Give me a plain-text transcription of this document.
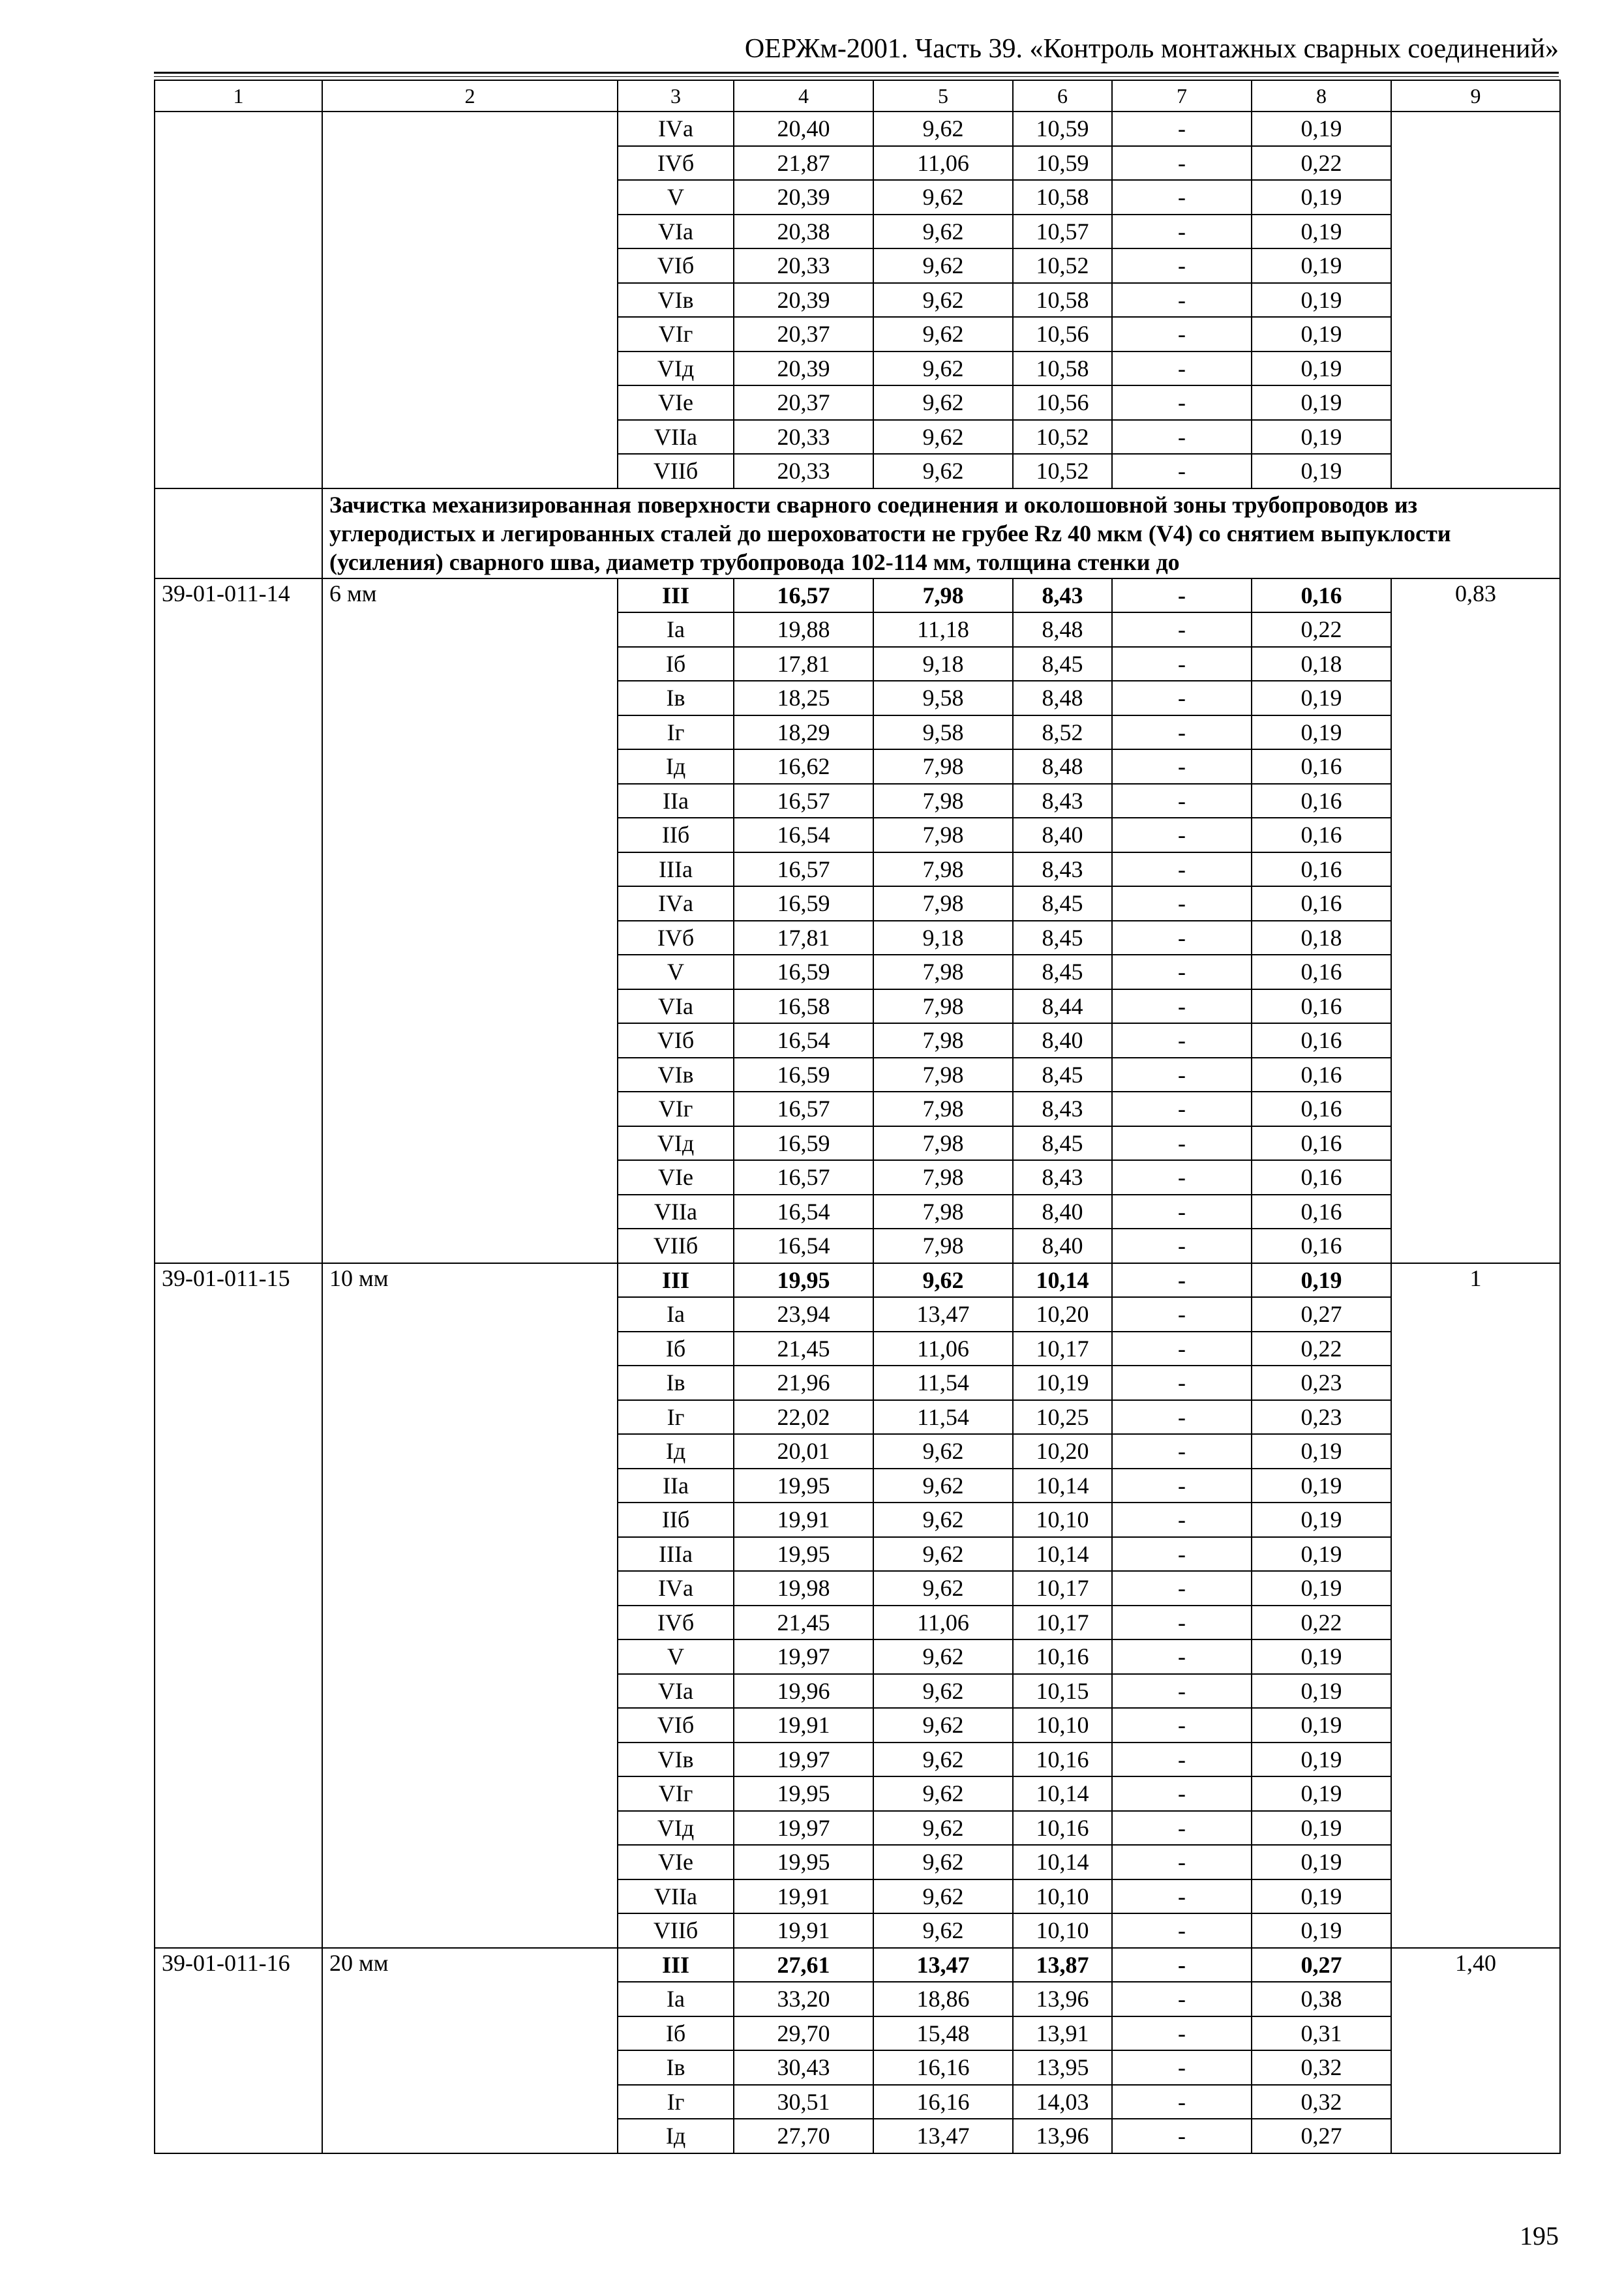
ОЕРЖм-2001. Часть 39. «Контроль монтажных сварных соединений»
1	2	3	4	5	6	7	8	9
		IVа	20,40	9,62	10,59	-	0,19	
		IVб	21,87	11,06	10,59	-	0,22	
		V	20,39	9,62	10,58	-	0,19	
		VIа	20,38	9,62	10,57	-	0,19	
		VIб	20,33	9,62	10,52	-	0,19	
		VIв	20,39	9,62	10,58	-	0,19	
		VIг	20,37	9,62	10,56	-	0,19	
		VIд	20,39	9,62	10,58	-	0,19	
		VIе	20,37	9,62	10,56	-	0,19	
		VIIа	20,33	9,62	10,52	-	0,19	
		VIIб	20,33	9,62	10,52	-	0,19	
	Зачистка механизированная поверхности сварного соединения и околошовной зоны трубопроводов из углеродистых и легированных сталей до шероховатости не грубее Rz 40 мкм (V4) со снятием выпуклости (усиления) сварного шва, диаметр трубопровода 102-114 мм, толщина стенки до							
39-01-011-14	6 мм	III	16,57	7,98	8,43	-	0,16	0,83
		Iа	19,88	11,18	8,48	-	0,22	
		Iб	17,81	9,18	8,45	-	0,18	
		Iв	18,25	9,58	8,48	-	0,19	
		Iг	18,29	9,58	8,52	-	0,19	
		Iд	16,62	7,98	8,48	-	0,16	
		IIа	16,57	7,98	8,43	-	0,16	
		IIб	16,54	7,98	8,40	-	0,16	
		IIIа	16,57	7,98	8,43	-	0,16	
		IVа	16,59	7,98	8,45	-	0,16	
		IVб	17,81	9,18	8,45	-	0,18	
		V	16,59	7,98	8,45	-	0,16	
		VIа	16,58	7,98	8,44	-	0,16	
		VIб	16,54	7,98	8,40	-	0,16	
		VIв	16,59	7,98	8,45	-	0,16	
		VIг	16,57	7,98	8,43	-	0,16	
		VIд	16,59	7,98	8,45	-	0,16	
		VIе	16,57	7,98	8,43	-	0,16	
		VIIа	16,54	7,98	8,40	-	0,16	
		VIIб	16,54	7,98	8,40	-	0,16	
39-01-011-15	10 мм	III	19,95	9,62	10,14	-	0,19	1
		Iа	23,94	13,47	10,20	-	0,27	
		Iб	21,45	11,06	10,17	-	0,22	
		Iв	21,96	11,54	10,19	-	0,23	
		Iг	22,02	11,54	10,25	-	0,23	
		Iд	20,01	9,62	10,20	-	0,19	
		IIа	19,95	9,62	10,14	-	0,19	
		IIб	19,91	9,62	10,10	-	0,19	
		IIIа	19,95	9,62	10,14	-	0,19	
		IVа	19,98	9,62	10,17	-	0,19	
		IVб	21,45	11,06	10,17	-	0,22	
		V	19,97	9,62	10,16	-	0,19	
		VIа	19,96	9,62	10,15	-	0,19	
		VIб	19,91	9,62	10,10	-	0,19	
		VIв	19,97	9,62	10,16	-	0,19	
		VIг	19,95	9,62	10,14	-	0,19	
		VIд	19,97	9,62	10,16	-	0,19	
		VIе	19,95	9,62	10,14	-	0,19	
		VIIа	19,91	9,62	10,10	-	0,19	
		VIIб	19,91	9,62	10,10	-	0,19	
39-01-011-16	20 мм	III	27,61	13,47	13,87	-	0,27	1,40
		Iа	33,20	18,86	13,96	-	0,38	
		Iб	29,70	15,48	13,91	-	0,31	
		Iв	30,43	16,16	13,95	-	0,32	
		Iг	30,51	16,16	14,03	-	0,32	
		Iд	27,70	13,47	13,96	-	0,27	
195
